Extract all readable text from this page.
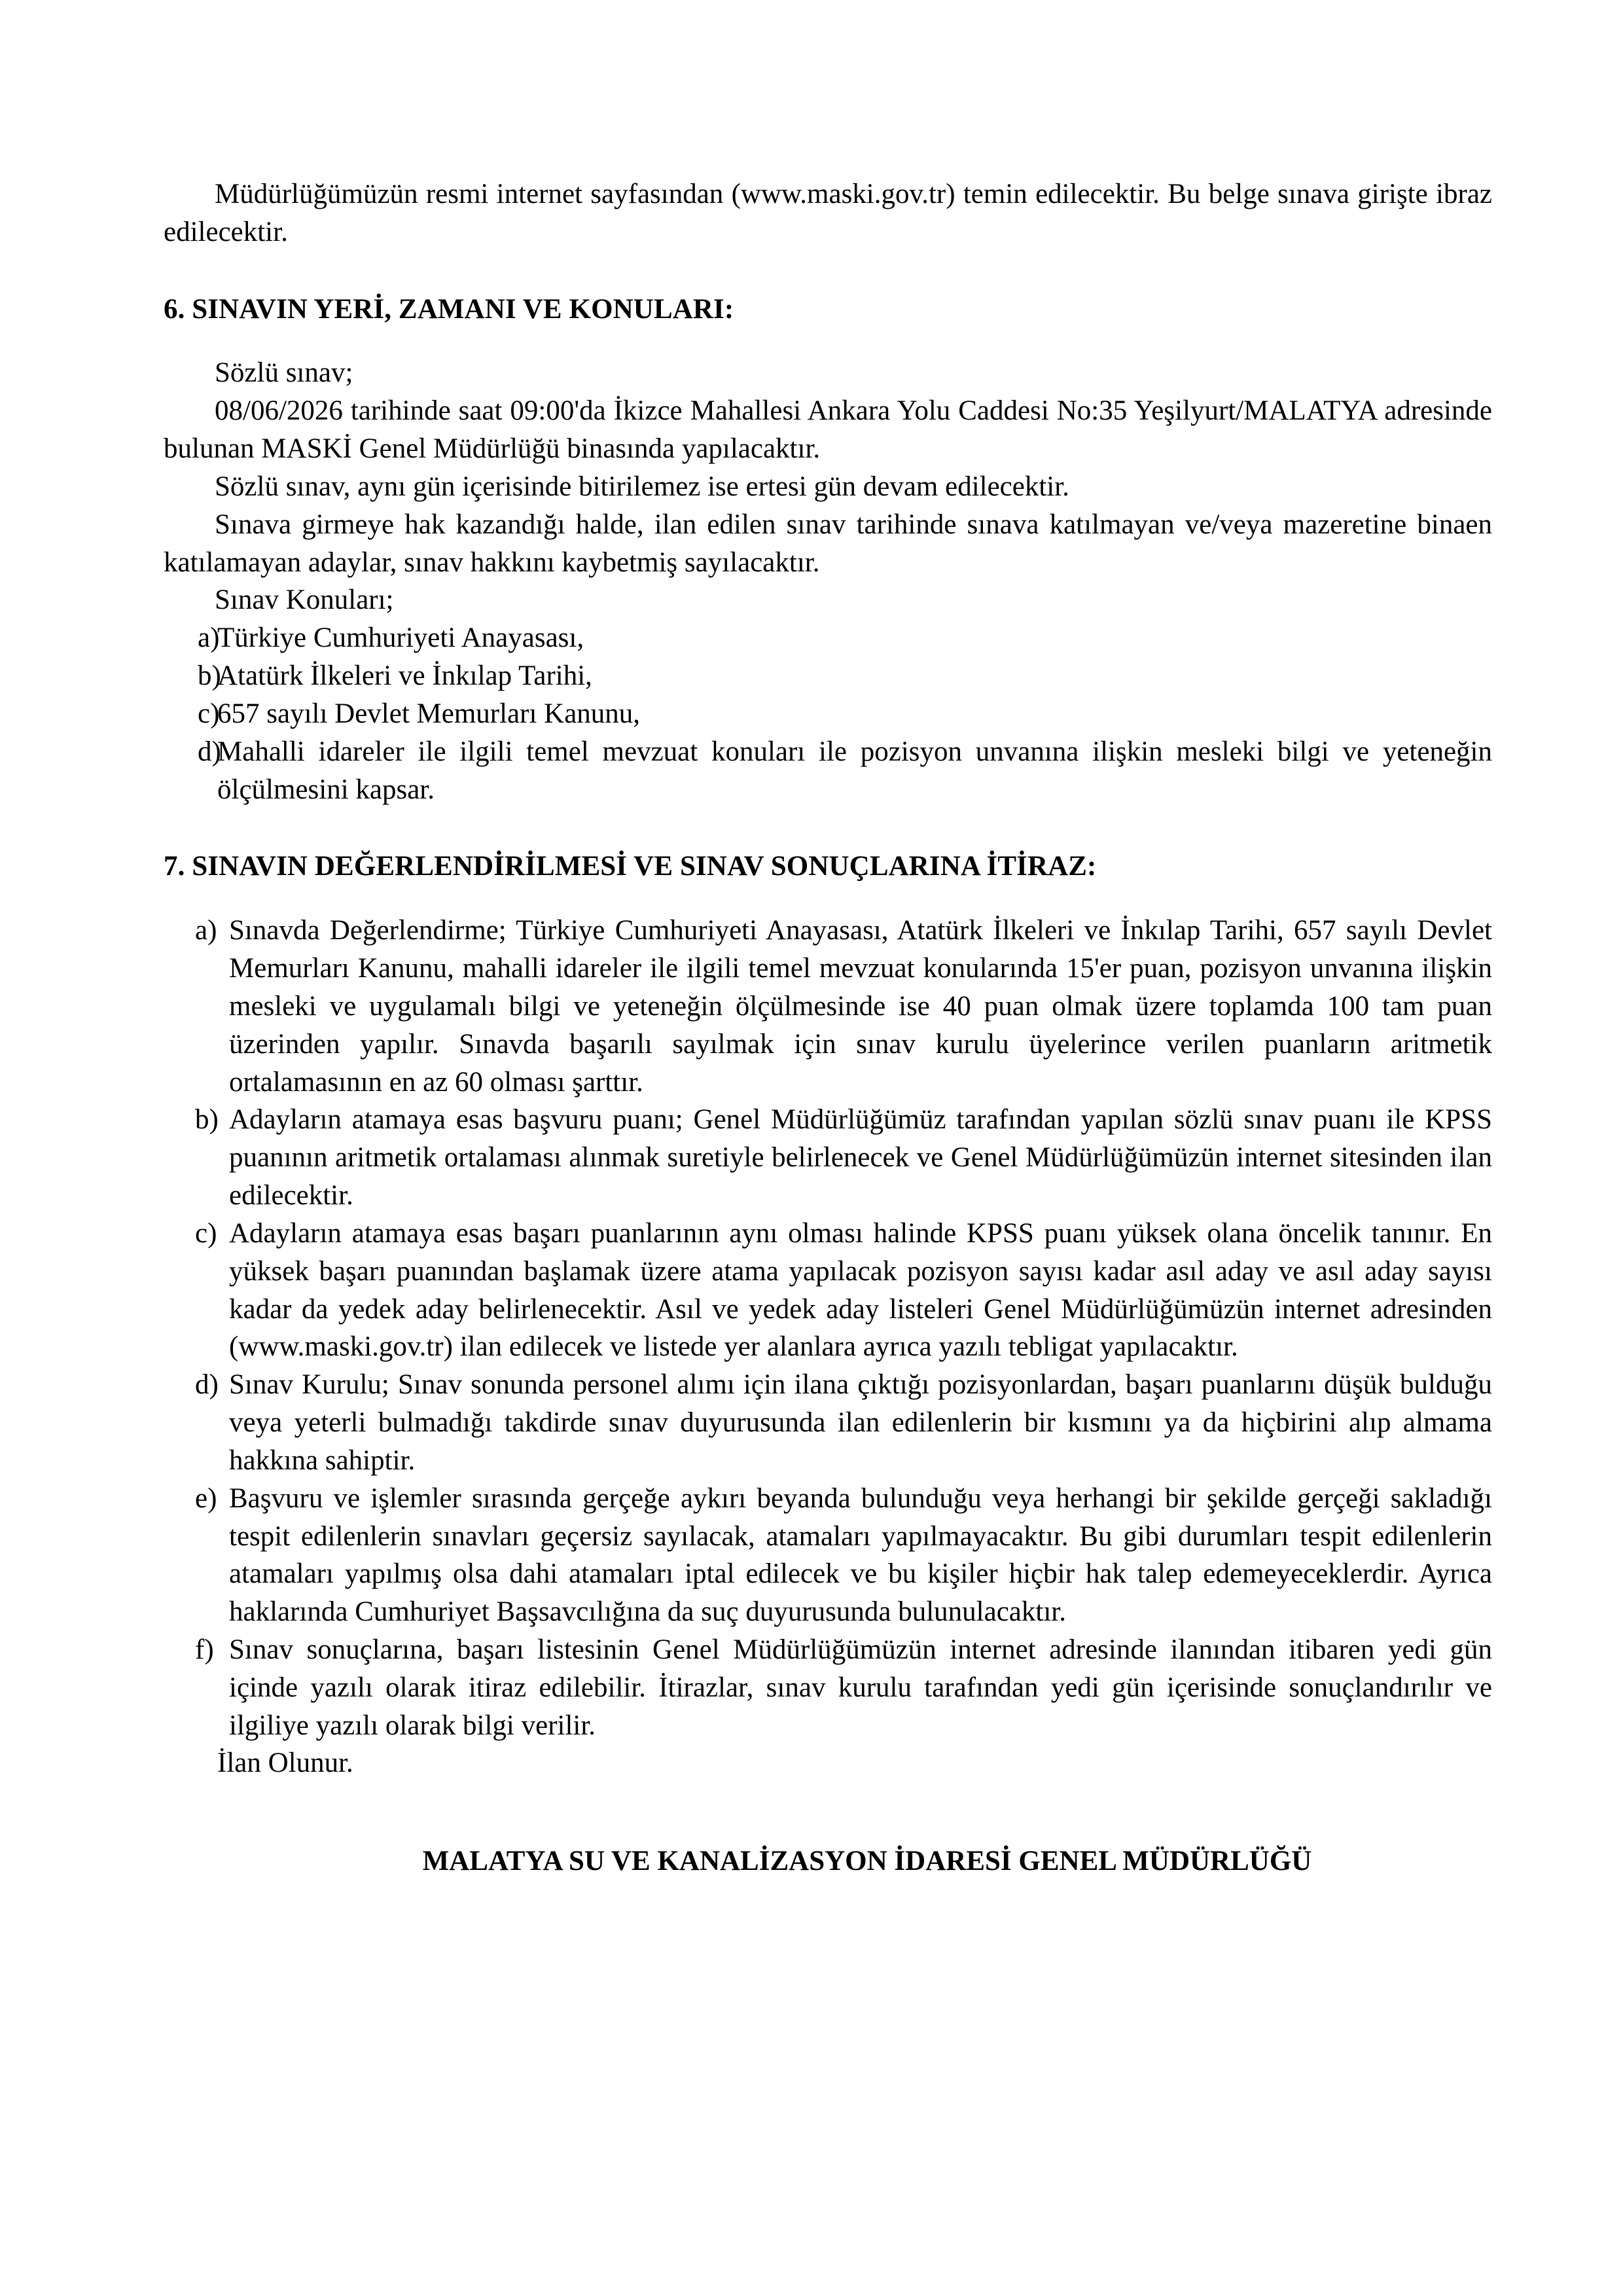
Müdürlüğümüzün resmi internet sayfasından (www.maski.gov.tr) temin edilecektir. Bu belge sınava girişte ibraz edilecektir.

6. SINAVIN YERİ, ZAMANI VE KONULARI:

Sözlü sınav;

08/06/2026 tarihinde saat 09:00'da İkizce Mahallesi Ankara Yolu Caddesi No:35 Yeşilyurt/MALATYA adresinde bulunan MASKİ Genel Müdürlüğü binasında yapılacaktır.

Sözlü sınav, aynı gün içerisinde bitirilemez ise ertesi gün devam edilecektir.

Sınava girmeye hak kazandığı halde, ilan edilen sınav tarihinde sınava katılmayan ve/veya mazeretine binaen katılamayan adaylar, sınav hakkını kaybetmiş sayılacaktır.

Sınav Konuları;

a)
Türkiye Cumhuriyeti Anayasası,
b)
Atatürk İlkeleri ve İnkılap Tarihi,
c)
657 sayılı Devlet Memurları Kanunu,
d)
Mahalli idareler ile ilgili temel mevzuat konuları ile pozisyon unvanına ilişkin mesleki bilgi ve yeteneğin ölçülmesini kapsar.
7. SINAVIN DEĞERLENDİRİLMESİ VE SINAV SONUÇLARINA İTİRAZ:
a) Sınavda Değerlendirme; Türkiye Cumhuriyeti Anayasası, Atatürk İlkeleri ve İnkılap Tarihi, 657 sayılı Devlet Memurları Kanunu, mahalli idareler ile ilgili temel mevzuat konularında 15'er puan, pozisyon unvanına ilişkin mesleki ve uygulamalı bilgi ve yeteneğin ölçülmesinde ise 40 puan olmak üzere toplamda 100 tam puan üzerinden yapılır. Sınavda başarılı sayılmak için sınav kurulu üyelerince verilen puanların aritmetik ortalamasının en az 60 olması şarttır.
b) Adayların atamaya esas başvuru puanı; Genel Müdürlüğümüz tarafından yapılan sözlü sınav puanı ile KPSS puanının aritmetik ortalaması alınmak suretiyle belirlenecek ve Genel Müdürlüğümüzün internet sitesinden ilan edilecektir.
c) Adayların atamaya esas başarı puanlarının aynı olması halinde KPSS puanı yüksek olana öncelik tanınır. En yüksek başarı puanından başlamak üzere atama yapılacak pozisyon sayısı kadar asıl aday ve asıl aday sayısı kadar da yedek aday belirlenecektir. Asıl ve yedek aday listeleri Genel Müdürlüğümüzün internet adresinden (www.maski.gov.tr) ilan edilecek ve listede yer alanlara ayrıca yazılı tebligat yapılacaktır.
d) Sınav Kurulu; Sınav sonunda personel alımı için ilana çıktığı pozisyonlardan, başarı puanlarını düşük bulduğu veya yeterli bulmadığı takdirde sınav duyurusunda ilan edilenlerin bir kısmını ya da hiçbirini alıp almama hakkına sahiptir.
e) Başvuru ve işlemler sırasında gerçeğe aykırı beyanda bulunduğu veya herhangi bir şekilde gerçeği sakladığı tespit edilenlerin sınavları geçersiz sayılacak, atamaları yapılmayacaktır. Bu gibi durumları tespit edilenlerin atamaları yapılmış olsa dahi atamaları iptal edilecek ve bu kişiler hiçbir hak talep edemeyeceklerdir. Ayrıca haklarında Cumhuriyet Başsavcılığına da suç duyurusunda bulunulacaktır.
f) Sınav sonuçlarına, başarı listesinin Genel Müdürlüğümüzün internet adresinde ilanından itibaren yedi gün içinde yazılı olarak itiraz edilebilir. İtirazlar, sınav kurulu tarafından yedi gün içerisinde sonuçlandırılır ve ilgiliye yazılı olarak bilgi verilir.
İlan Olunur.
MALATYA SU VE KANALİZASYON İDARESİ GENEL MÜDÜRLÜĞÜ
